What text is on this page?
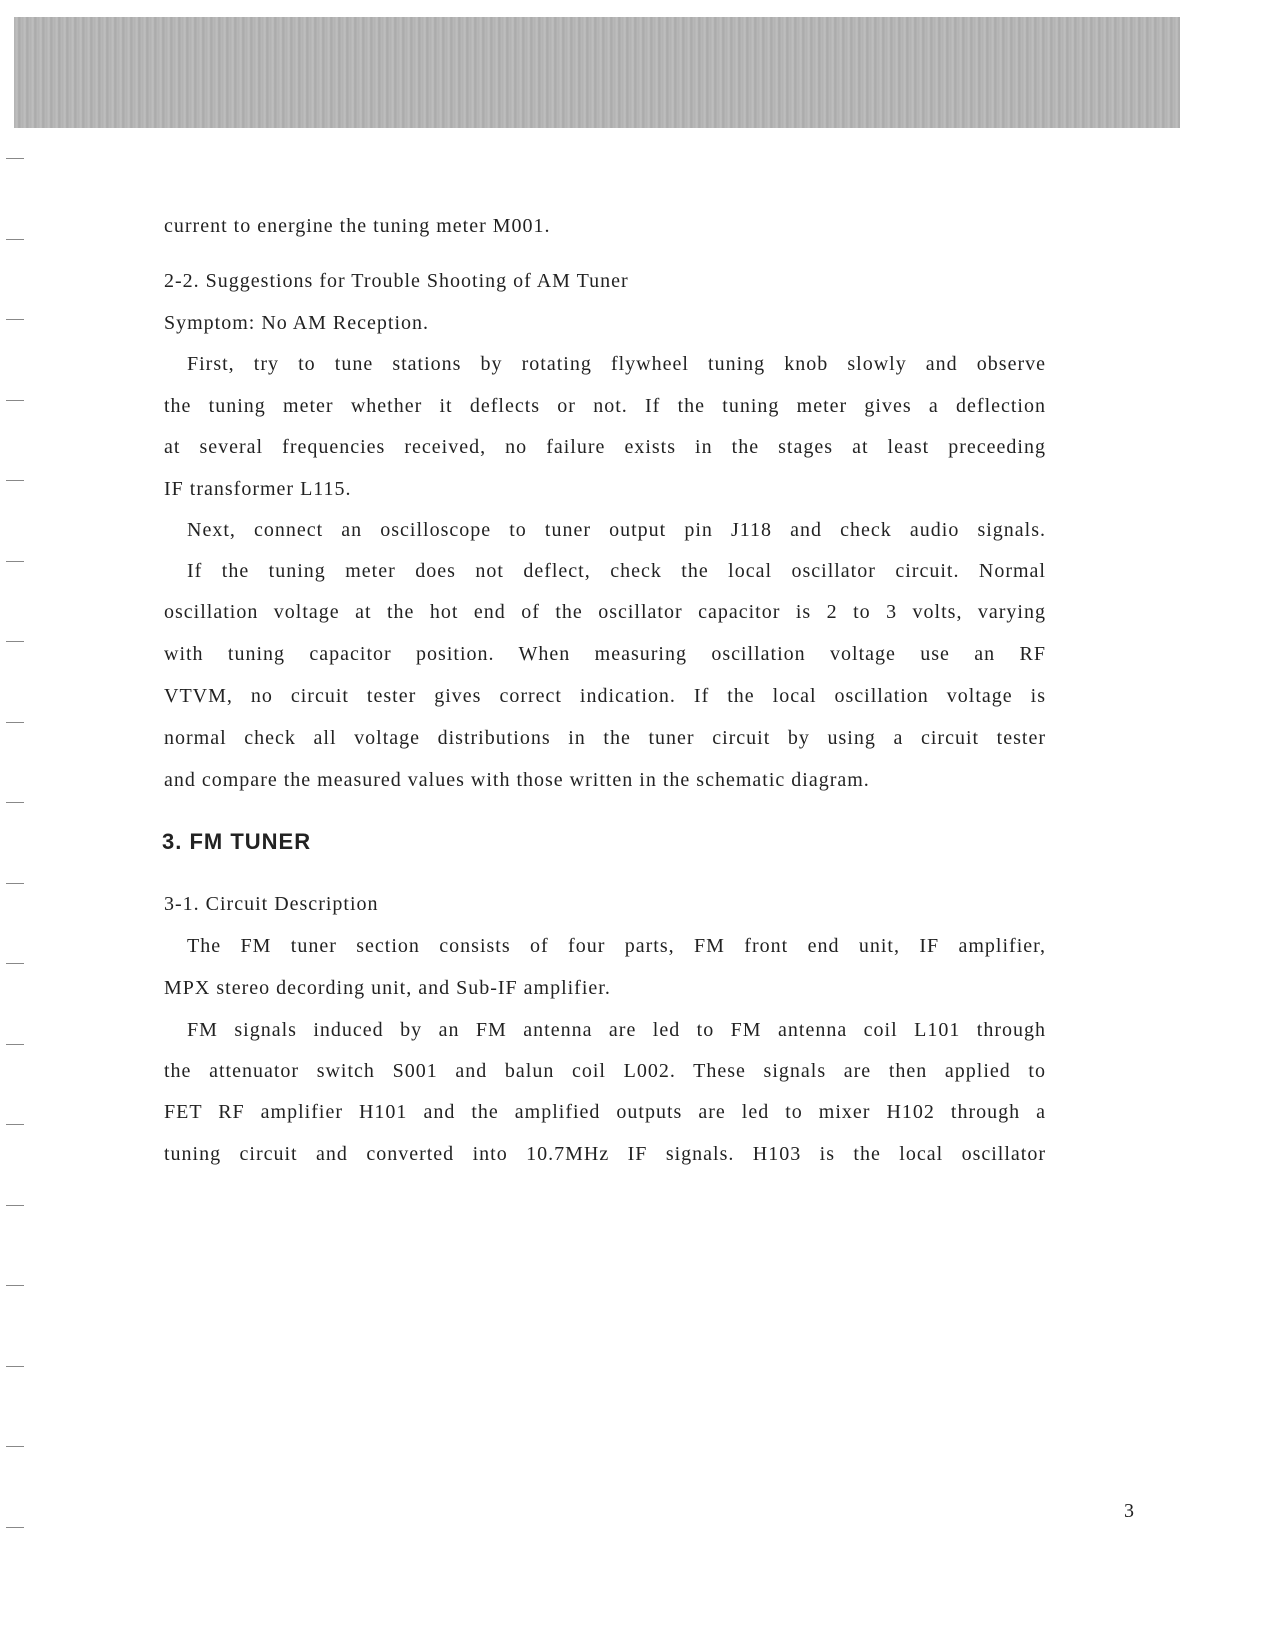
current to energine the tuning meter M001.
2-2. Suggestions for Trouble Shooting of AM Tuner
Symptom: No AM Reception.
First, try to tune stations by rotating flywheel tuning knob slowly and observe
the tuning meter whether it deflects or not. If the tuning meter gives a deflection
at several frequencies received, no failure exists in the stages at least preceeding
IF transformer L115.
Next, connect an oscilloscope to tuner output pin J118 and check audio signals.
If the tuning meter does not deflect, check the local oscillator circuit. Normal
oscillation voltage at the hot end of the oscillator capacitor is 2 to 3 volts, varying
with tuning capacitor position. When measuring oscillation voltage use an RF
VTVM, no circuit tester gives correct indication. If the local oscillation voltage is
normal check all voltage distributions in the tuner circuit by using a circuit tester
and compare the measured values with those written in the schematic diagram.
3. FM TUNER
3-1. Circuit Description
The FM tuner section consists of four parts, FM front end unit, IF amplifier,
MPX stereo decording unit, and Sub-IF amplifier.
FM signals induced by an FM antenna are led to FM antenna coil L101 through
the attenuator switch S001 and balun coil L002. These signals are then applied to
FET RF amplifier H101 and the amplified outputs are led to mixer H102 through a
tuning circuit and converted into 10.7MHz IF signals. H103 is the local oscillator
3
